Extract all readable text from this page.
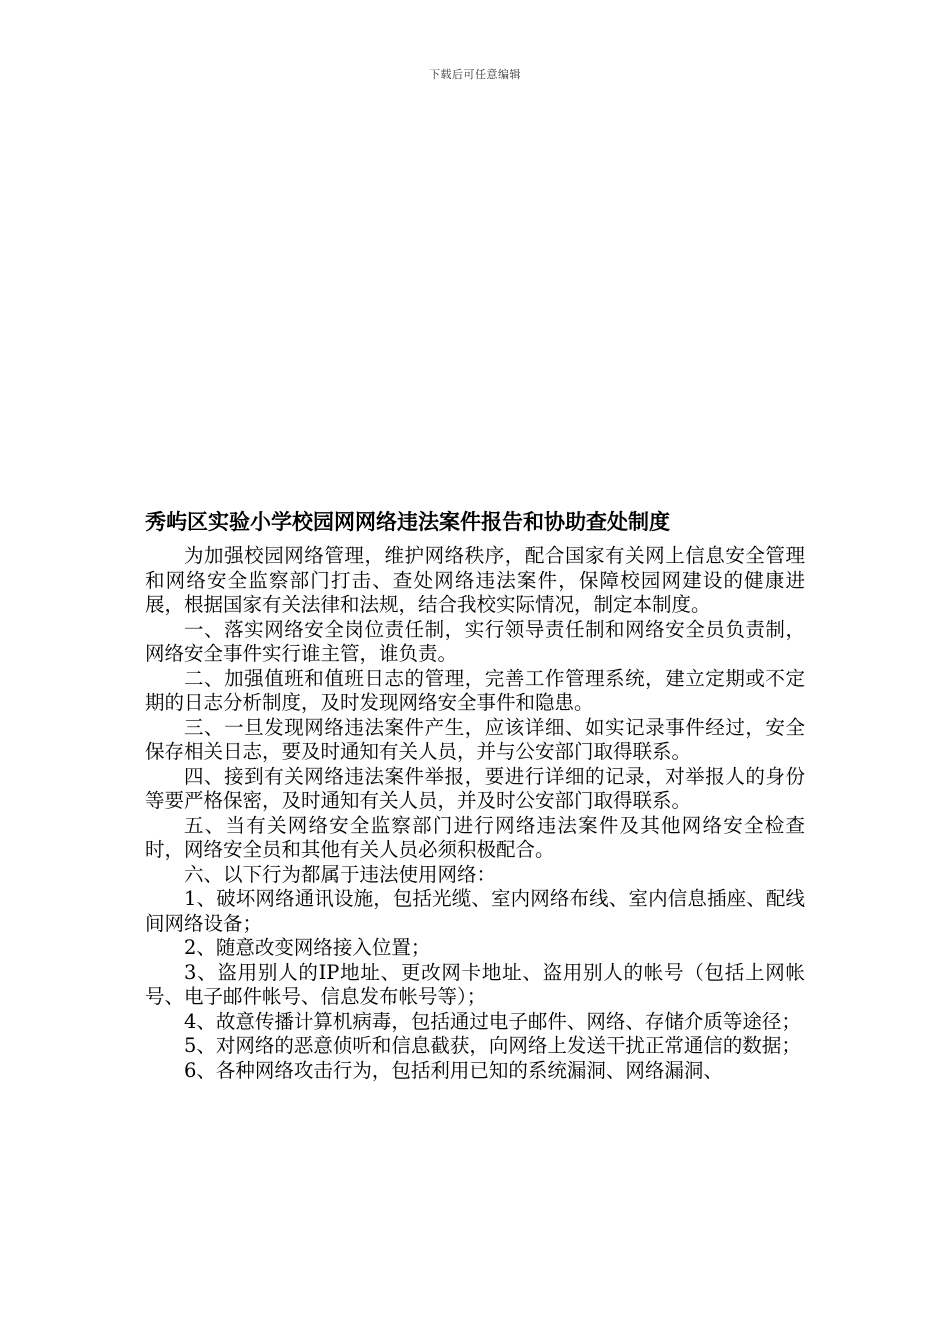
下载后可任意编辑
秀屿区实验小学校园网网络违法案件报告和协助查处制度

为加强校园网络管理，维护网络秩序，配合国家有关网上信息安全管理和网络安全监察部门打击、查处网络违法案件，保障校园网建设的健康进展，根据国家有关法律和法规，结合我校实际情况，制定本制度。

一、落实网络安全岗位责任制，实行领导责任制和网络安全员负责制，网络安全事件实行谁主管，谁负责。

二、加强值班和值班日志的管理，完善工作管理系统，建立定期或不定期的日志分析制度，及时发现网络安全事件和隐患。

三、一旦发现网络违法案件产生，应该详细、如实记录事件经过，安全保存相关日志，要及时通知有关人员，并与公安部门取得联系。

四、接到有关网络违法案件举报，要进行详细的记录，对举报人的身份等要严格保密，及时通知有关人员，并及时公安部门取得联系。

五、当有关网络安全监察部门进行网络违法案件及其他网络安全检查时，网络安全员和其他有关人员必须积极配合。

六、以下行为都属于违法使用网络：

1、破坏网络通讯设施，包括光缆、室内网络布线、室内信息插座、配线间网络设备；

2、随意改变网络接入位置；

3、盗用别人的IP地址、更改网卡地址、盗用别人的帐号（包括上网帐号、电子邮件帐号、信息发布帐号等）；

4、故意传播计算机病毒，包括通过电子邮件、网络、存储介质等途径；

5、对网络的恶意侦听和信息截获，向网络上发送干扰正常通信的数据；

6、各种网络攻击行为，包括利用已知的系统漏洞、网络漏洞、
